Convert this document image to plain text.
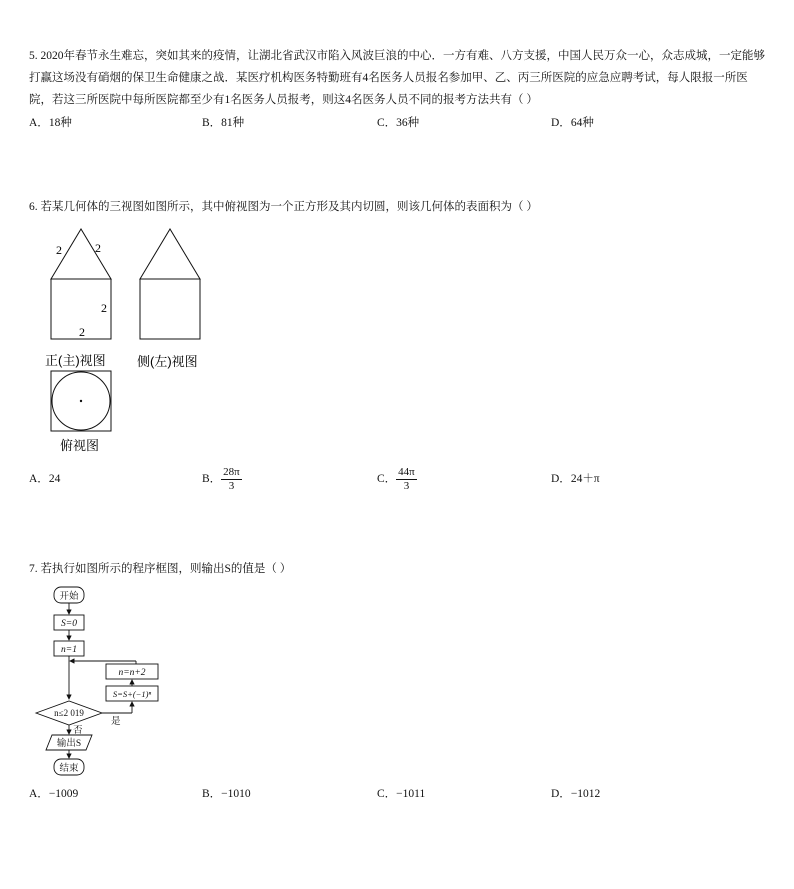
5. 2020年春节永生难忘，突如其来的疫情，让湖北省武汉市陷入风波巨浪的中心．一方有难、八方支援，中国人民万众一心，众志成城，一定能够打赢这场没有硝烟的保卫生命健康之战．某医疗机构医务特勤班有4名医务人员报名参加甲、乙、丙三所医院的应急应聘考试，每人限报一所医院，若这三所医院中每所医院都至少有1名医务人员报考，则这4名医务人员不同的报考方法共有（ ）
A．18种	B．81种	C．36种	D．64种
6. 若某几何体的三视图如图所示，其中俯视图为一个正方形及其内切圆，则该几何体的表面积为（ ）
2	2
2
2
正(主)视图 侧(左)视图
俯视图
A．24	B． $\frac{28\pi}{3}$	C． $\frac{44\pi}{3}$	D．24＋π
7. 若执行如图所示的程序框图，则输出S的值是（ ）
开始
S=0
n=1
n=n+2
S=S+(−1)ⁿ
n≤2 019
是
否
输出S
结束
A．−1009	B．−1010	C．−1011	D．−1012
